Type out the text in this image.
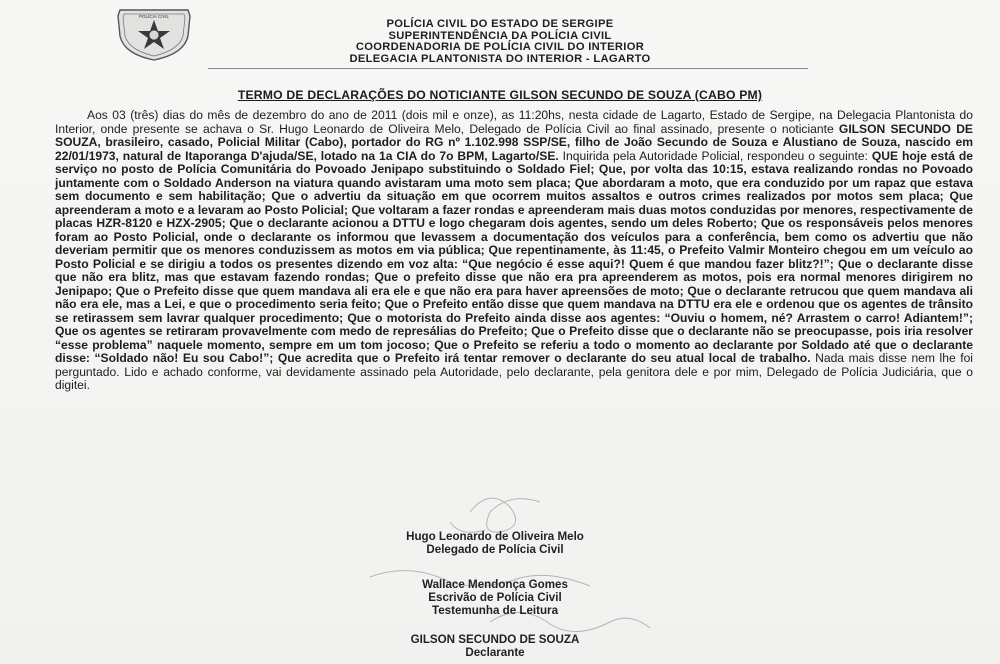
POLÍCIA CIVIL
POLÍCIA CIVIL DO ESTADO DE SERGIPE
SUPERINTENDÊNCIA DA POLÍCIA CIVIL
COORDENADORIA DE POLÍCIA CIVIL DO INTERIOR
DELEGACIA PLANTONISTA DO INTERIOR - LAGARTO
TERMO DE DECLARAÇÕES DO NOTICIANTE GILSON SECUNDO DE SOUZA (CABO PM)

Aos 03 (três) dias do mês de dezembro do ano de 2011 (dois mil e onze), as 11:20hs, nesta cidade de Lagarto, Estado de Sergipe, na Delegacia Plantonista do Interior, onde presente se achava o Sr. Hugo Leonardo de Oliveira Melo, Delegado de Polícia Civil ao final assinado, presente o noticiante GILSON SECUNDO DE SOUZA, brasileiro, casado, Policial Militar (Cabo), portador do RG nº 1.102.998 SSP/SE, filho de João Secundo de Souza e Alustiano de Souza, nascido em 22/01/1973, natural de Itaporanga D'ajuda/SE, lotado na 1a CIA do 7o BPM, Lagarto/SE. Inquirida pela Autoridade Policial, respondeu o seguinte: QUE hoje está de serviço no posto de Polícia Comunitária do Povoado Jenipapo substituindo o Soldado Fiel; Que, por volta das 10:15, estava realizando rondas no Povoado juntamente com o Soldado Anderson na viatura quando avistaram uma moto sem placa; Que abordaram a moto, que era conduzido por um rapaz que estava sem documento e sem habilitação; Que o advertiu da situação em que ocorrem muitos assaltos e outros crimes realizados por motos sem placa; Que apreenderam a moto e a levaram ao Posto Policial; Que voltaram a fazer rondas e apreenderam mais duas motos conduzidas por menores, respectivamente de placas HZR-8120 e HZX-2905; Que o declarante acionou a DTTU e logo chegaram dois agentes, sendo um deles Roberto; Que os responsáveis pelos menores foram ao Posto Policial, onde o declarante os informou que levassem a documentação dos veículos para a conferência, bem como os advertiu que não deveriam permitir que os menores conduzissem as motos em via pública; Que repentinamente, às 11:45, o Prefeito Valmir Monteiro chegou em um veículo ao Posto Policial e se dirigiu a todos os presentes dizendo em voz alta: “Que negócio é esse aqui?! Quem é que mandou fazer blitz?!”; Que o declarante disse que não era blitz, mas que estavam fazendo rondas; Que o prefeito disse que não era pra apreenderem as motos, pois era normal menores dirigirem no Jenipapo; Que o Prefeito disse que quem mandava ali era ele e que não era para haver apreensões de moto; Que o declarante retrucou que quem mandava ali não era ele, mas a Lei, e que o procedimento seria feito; Que o Prefeito então disse que quem mandava na DTTU era ele e ordenou que os agentes de trânsito se retirassem sem lavrar qualquer procedimento; Que o motorista do Prefeito ainda disse aos agentes: “Ouviu o homem, né? Arrastem o carro! Adiantem!”; Que os agentes se retiraram provavelmente com medo de represálias do Prefeito; Que o Prefeito disse que o declarante não se preocupasse, pois iria resolver “esse problema” naquele momento, sempre em um tom jocoso; Que o Prefeito se referiu a todo o momento ao declarante por Soldado até que o declarante disse: “Soldado não! Eu sou Cabo!”; Que acredita que o Prefeito irá tentar remover o declarante do seu atual local de trabalho. Nada mais disse nem lhe foi perguntado. Lido e achado conforme, vai devidamente assinado pela Autoridade, pelo declarante, pela genitora dele e por mim, Delegado de Polícia Judiciária, que o digitei.

Hugo Leonardo de Oliveira Melo
Delegado de Polícia Civil
Wallace Mendonça Gomes
Escrivão de Polícia Civil
Testemunha de Leitura
GILSON SECUNDO DE SOUZA
Declarante
